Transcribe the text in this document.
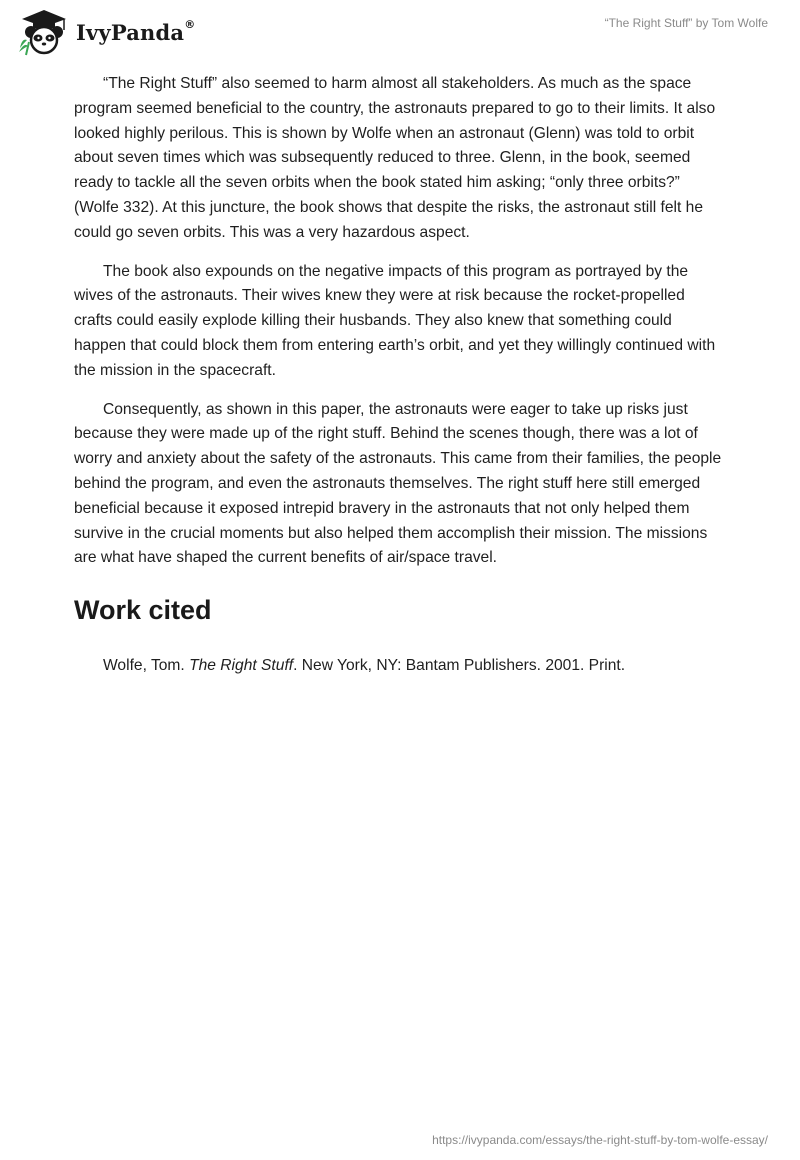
IvyPanda®	“The Right Stuff” by Tom Wolfe

“The Right Stuff” also seemed to harm almost all stakeholders. As much as the space program seemed beneficial to the country, the astronauts prepared to go to their limits. It also looked highly perilous. This is shown by Wolfe when an astronaut (Glenn) was told to orbit about seven times which was subsequently reduced to three. Glenn, in the book, seemed ready to tackle all the seven orbits when the book stated him asking; “only three orbits?” (Wolfe 332). At this juncture, the book shows that despite the risks, the astronaut still felt he could go seven orbits. This was a very hazardous aspect.

The book also expounds on the negative impacts of this program as portrayed by the wives of the astronauts. Their wives knew they were at risk because the rocket-propelled crafts could easily explode killing their husbands. They also knew that something could happen that could block them from entering earth’s orbit, and yet they willingly continued with the mission in the spacecraft.

Consequently, as shown in this paper, the astronauts were eager to take up risks just because they were made up of the right stuff. Behind the scenes though, there was a lot of worry and anxiety about the safety of the astronauts. This came from their families, the people behind the program, and even the astronauts themselves. The right stuff here still emerged beneficial because it exposed intrepid bravery in the astronauts that not only helped them survive in the crucial moments but also helped them accomplish their mission. The missions are what have shaped the current benefits of air/space travel.

Work cited

Wolfe, Tom. The Right Stuff. New York, NY: Bantam Publishers. 2001. Print.

https://ivypanda.com/essays/the-right-stuff-by-tom-wolfe-essay/
